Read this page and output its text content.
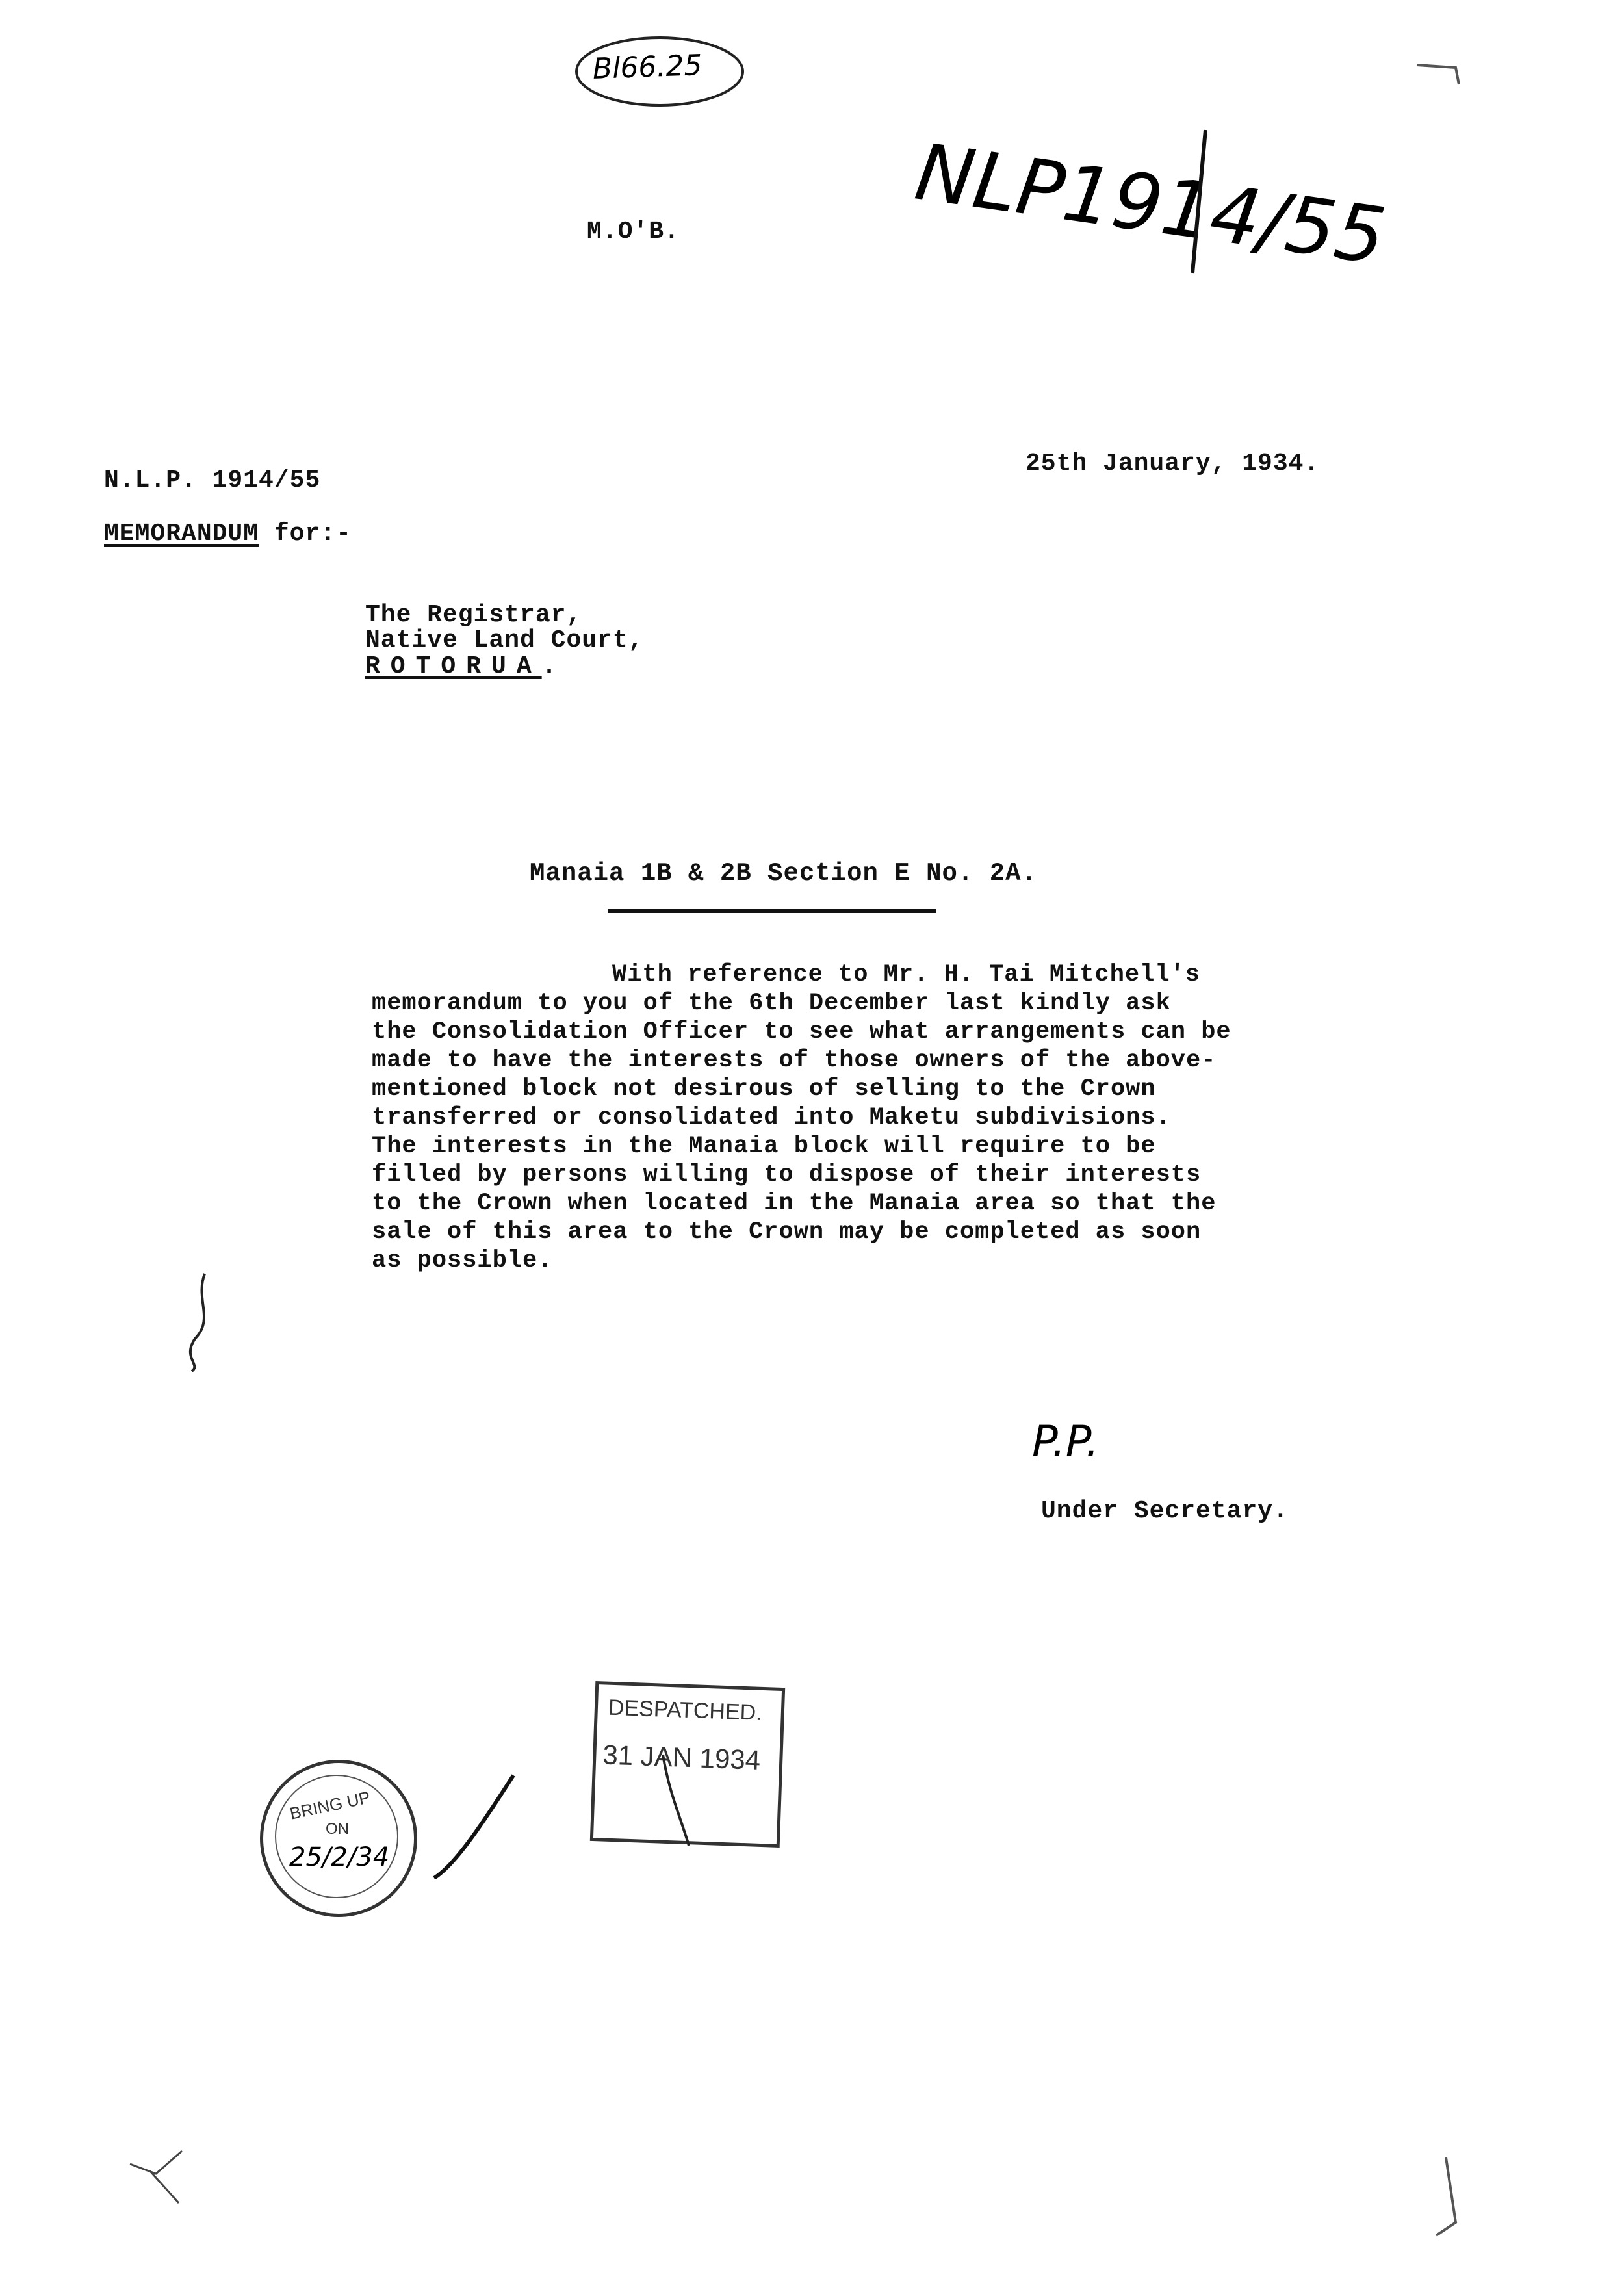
Bl66.25
NLP1914/55
M.O'B.
N.L.P. 1914/55
25th January, 1934.
MEMORANDUM for:-
The Registrar,
Native Land Court,
ROTORUA.
Manaia 1B & 2B Section E No. 2A.
With reference to Mr. H. Tai Mitchell's
memorandum to you of the 6th December last kindly ask
the Consolidation Officer to see what arrangements can be
made to have the interests of those owners of the above-
mentioned block not desirous of selling to the Crown
transferred or consolidated into Maketu subdivisions.
The interests in the Manaia block will require to be
filled by persons willing to dispose of their interests
to the Crown when located in the Manaia area so that the
sale of this area to the Crown may be completed as soon
as possible.
P.P.
Under Secretary.
DESPATCHED.
31 JAN 1934
BRING UP
ON
25/2/34
